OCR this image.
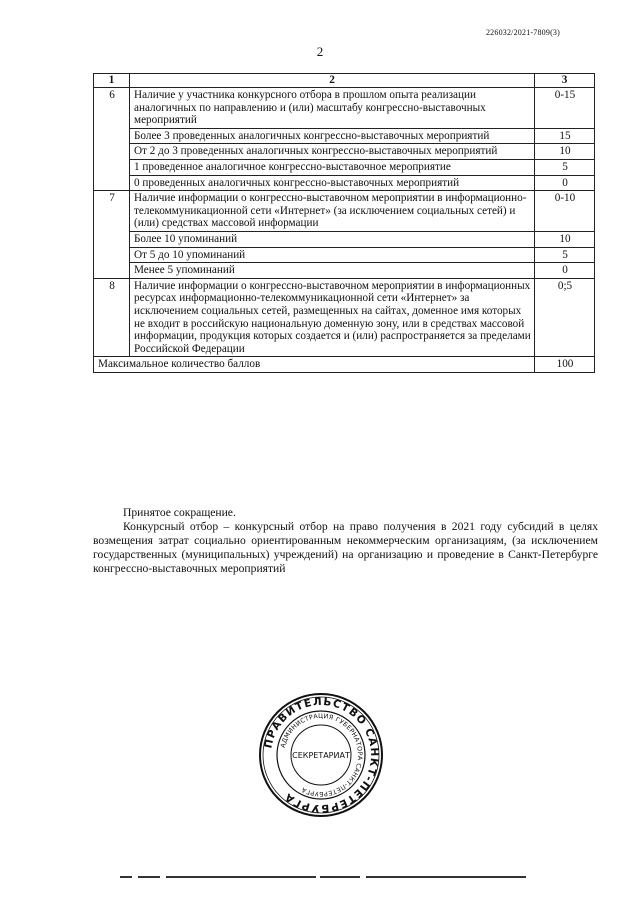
226032/2021-7809(3)
2
1	2	3
6	Наличие у участника конкурсного отбора в прошлом опыта реализации аналогичных по направлению и (или) масштабу конгрессно-выставочных мероприятий	0-15
	Более 3 проведенных аналогичных конгрессно-выставочных мероприятий	15
	От 2 до 3 проведенных аналогичных конгрессно-выставочных мероприятий	10
	1 проведенное аналогичное конгрессно-выставочное мероприятие	5
	0 проведенных аналогичных конгрессно-выставочных мероприятий	0
7	Наличие информации о конгрессно-выставочном мероприятии в информационно-телекоммуникационной сети «Интернет» (за исключением социальных сетей) и (или) средствах массовой информации	0-10
	Более 10 упоминаний	10
	От 5 до 10 упоминаний	5
	Менее 5 упоминаний	0
8	Наличие информации о конгрессно-выставочном мероприятии в информационных ресурсах информационно-телекоммуникационной сети «Интернет» за исключением социальных сетей, размещенных на сайтах, доменное имя которых не входит в российскую национальную доменную зону, или в средствах массовой информации, продукция которых создается и (или) распространяется за пределами Российской Федерации	0;5
Максимальное количество баллов		100
Принятое сокращение.
Конкурсный отбор – конкурсный отбор на право получения в 2021 году субсидий в целях возмещения затрат социально ориентированным некоммерческим организациям, (за исключением государственных (муниципальных) учреждений) на организацию и проведение в Санкт-Петербурге конгрессно-выставочных мероприятий
ПРАВИТЕЛЬСТВО САНКТ-ПЕТЕРБУРГА
АДМИНИСТРАЦИЯ ГУБЕРНАТОРА САНКТ-ПЕТЕРБУРГА
СЕКРЕТАРИАТ
